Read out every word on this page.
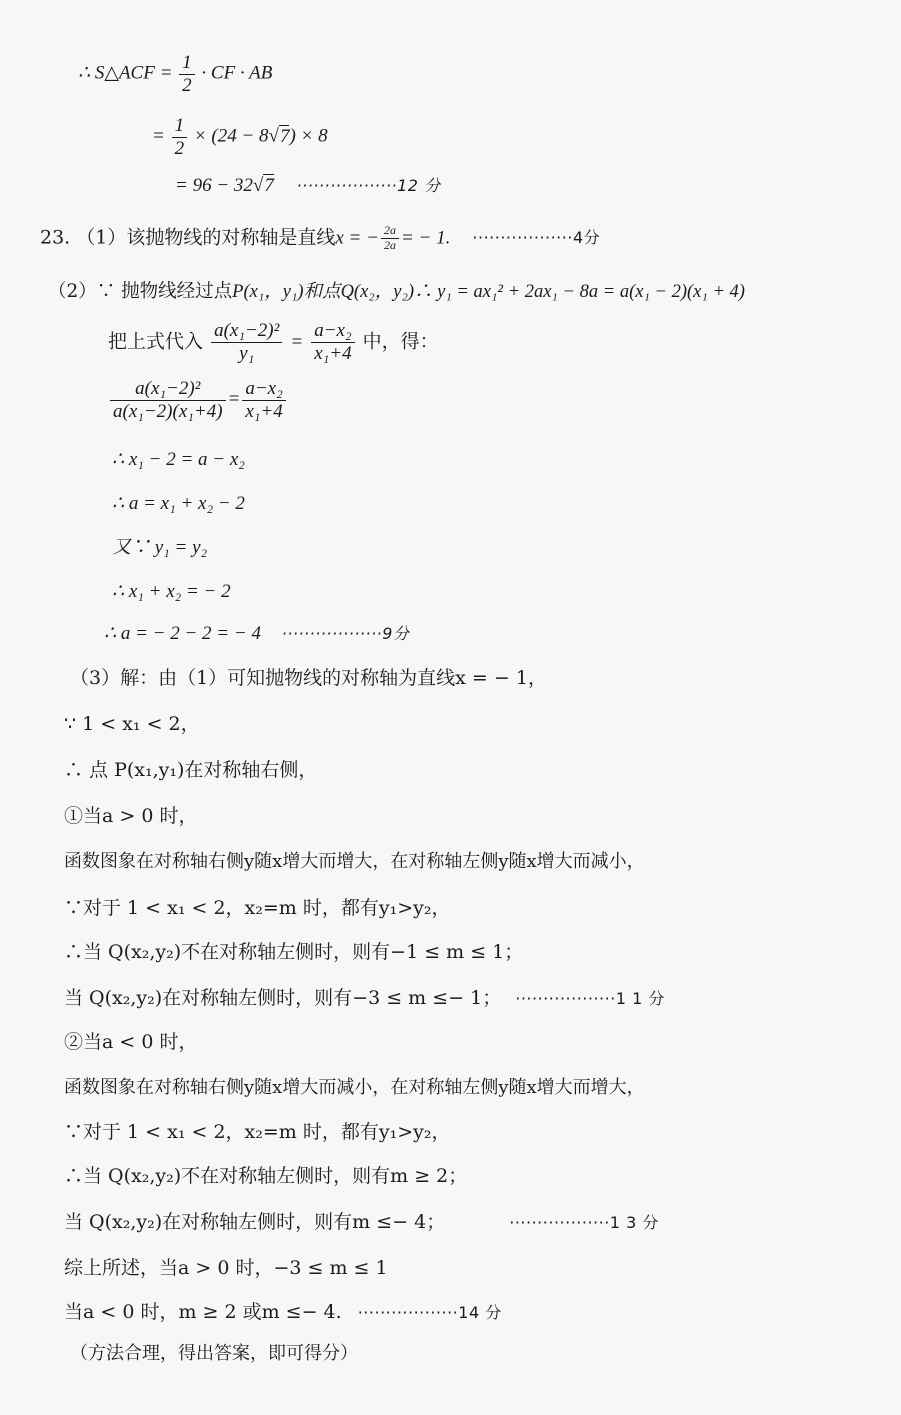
∴ S△ACF = $\frac{1}{2}$ · CF · AB
= $\frac{1}{2} \times (24 - 8√7) \times 8$
= 96 − 32√7 ··················12 分
23. （1）该抛物线的对称轴是直线x = − $\frac{2a}{2a}$ = − 1. ··················4分
（2）∵ 抛物线经过点P(x₁，y₁)和点Q(x₂，y₂)∴ y₁ = ax₁² + 2ax₁ − 8a = a(x₁ − 2)(x₁ + 4)
把上式代入 $\frac{\text{a(x₁−2)²}}{\text{y₁}} = \frac{\text{a−x₂}}{\text{x₁+4}}$ 中，得：
$\frac{\text{a(x₁−2)²}}{\text{a(x₁−2)(x₁+4)}} = \frac{\text{a−x₂}}{\text{x₁+4}}$
∴ x₁ − 2 = a − x₂
∴ a = x₁ + x₂ − 2
又∵ y₁ = y₂
∴ x₁ + x₂ = − 2
∴ a = − 2 − 2 = − 4 ··················9分
（3）解：由（1）可知抛物线的对称轴为直线x = − 1，
∵ 1 < x₁ < 2，
∴ 点 P(x₁,y₁)在对称轴右侧，
①当a > 0 时，
函数图象在对称轴右侧y随x增大而增大，在对称轴左侧y随x增大而减小，
∵对于 1 < x₁ < 2，x₂=m 时，都有y₁>y₂，
∴当 Q(x₂,y₂)不在对称轴左侧时，则有−1 ≤ m ≤ 1；
当 Q(x₂,y₂)在对称轴左侧时，则有−3 ≤ m ≤− 1； ··················1 1 分
②当a < 0 时，
函数图象在对称轴右侧y随x增大而减小，在对称轴左侧y随x增大而增大，
∵对于 1 < x₁ < 2，x₂=m 时，都有y₁>y₂，
∴当 Q(x₂,y₂)不在对称轴左侧时，则有m ≥ 2；
当 Q(x₂,y₂)在对称轴左侧时，则有m ≤− 4；	··················1 3 分
综上所述，当a > 0 时，−3 ≤ m ≤ 1
当a < 0 时，m ≥ 2 或m ≤− 4. ··················14 分
（方法合理，得出答案，即可得分）
